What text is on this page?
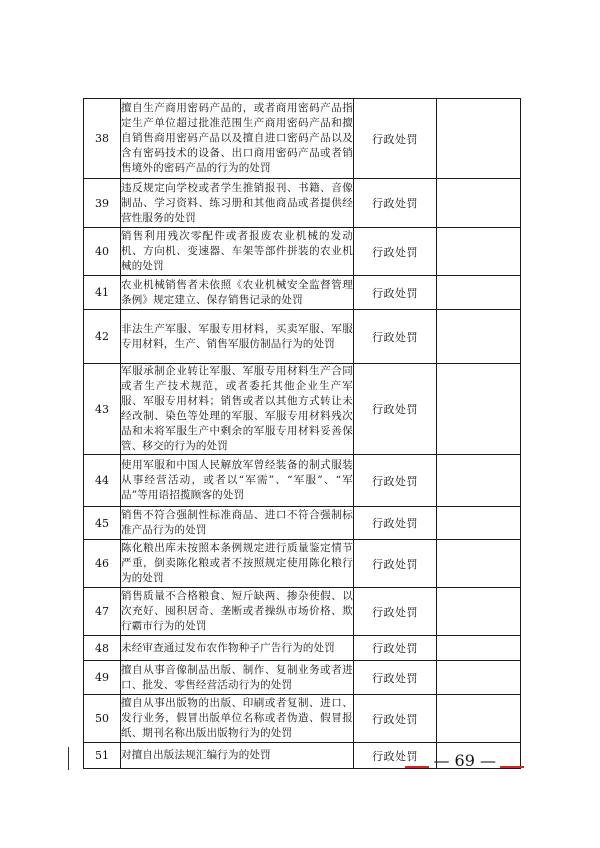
38	擅自生产商用密码产品的，或者商用密码产品指定生产单位超过批准范围生产商用密码产品和擅自销售商用密码产品以及擅自进口密码产品以及含有密码技术的设备、出口商用密码产品或者销售境外的密码产品的行为的处罚	行政处罚	
39	违反规定向学校或者学生推销报刊、书籍、音像制品、学习资料、练习册和其他商品或者提供经营性服务的处罚	行政处罚	
40	销售利用残次零配件或者报废农业机械的发动机、方向机、变速器、车架等部件拼装的农业机械的处罚	行政处罚	
41	农业机械销售者未依照《农业机械安全监督管理条例》规定建立、保存销售记录的处罚	行政处罚	
42	非法生产军服、军服专用材料，买卖军服、军服专用材料，生产、销售军服仿制品行为的处罚	行政处罚	
43	军服承制企业转让军服、军服专用材料生产合同或者生产技术规范，或者委托其他企业生产军服、军服专用材料；销售或者以其他方式转让未经改制、染色等处理的军服、军服专用材料残次品和未将军服生产中剩余的军服专用材料妥善保管、移交的行为的处罚	行政处罚	
44	使用军服和中国人民解放军曾经装备的制式服装从事经营活动，或者以“军需”、“军服”、“军品”等用语招揽顾客的处罚	行政处罚	
45	销售不符合强制性标准商品、进口不符合强制标准产品行为的处罚	行政处罚	
46	陈化粮出库未按照本条例规定进行质量鉴定情节严重，倒卖陈化粮或者不按照规定使用陈化粮行为的处罚	行政处罚	
47	销售质量不合格粮食、短斤缺两、掺杂使假、以次充好、囤积居奇、垄断或者操纵市场价格、欺行霸市行为的处罚	行政处罚	
48	未经审查通过发布农作物种子广告行为的处罚	行政处罚	
49	擅自从事音像制品出版、制作、复制业务或者进口、批发、零售经营活动行为的处罚	行政处罚	
50	擅自从事出版物的出版、印刷或者复制、进口、发行业务，假冒出版单位名称或者伪造、假冒报纸、期刊名称出版出版物行为的处罚	行政处罚	
51	对擅自出版法规汇编行为的处罚	行政处罚	— 69 —
